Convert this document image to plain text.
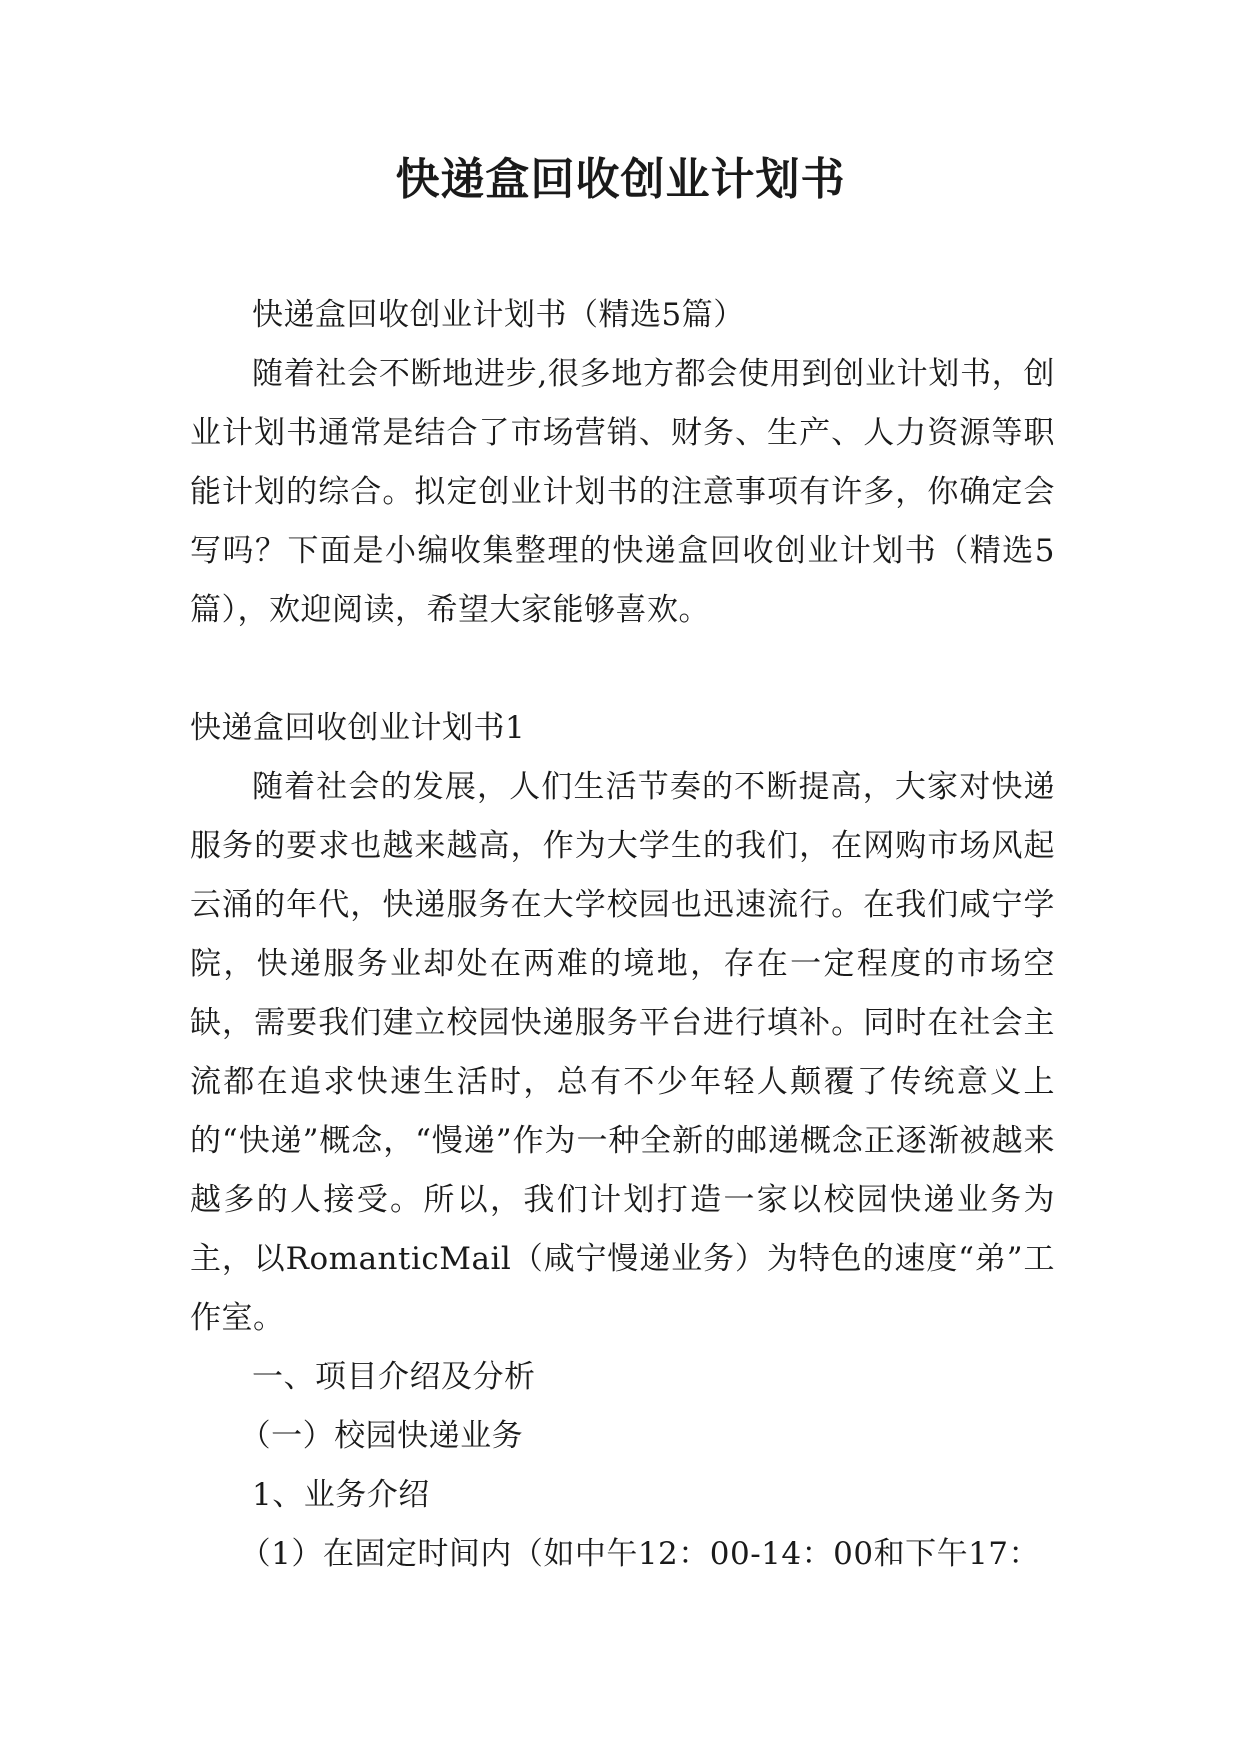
快递盒回收创业计划书

快递盒回收创业计划书（精选5篇）

随着社会不断地进步,很多地方都会使用到创业计划书，创业计划书通常是结合了市场营销、财务、生产、人力资源等职能计划的综合。拟定创业计划书的注意事项有许多，你确定会写吗？下面是小编收集整理的快递盒回收创业计划书（精选5篇），欢迎阅读，希望大家能够喜欢。

快递盒回收创业计划书1

随着社会的发展，人们生活节奏的不断提高，大家对快递服务的要求也越来越高，作为大学生的我们，在网购市场风起云涌的年代，快递服务在大学校园也迅速流行。在我们咸宁学院，快递服务业却处在两难的境地，存在一定程度的市场空缺，需要我们建立校园快递服务平台进行填补。同时在社会主流都在追求快速生活时，总有不少年轻人颠覆了传统意义上的“快递”概念，“慢递”作为一种全新的邮递概念正逐渐被越来越多的人接受。所以，我们计划打造一家以校园快递业务为主，以RomanticMail（咸宁慢递业务）为特色的速度“弟”工作室。

一、项目介绍及分析

（一）校园快递业务

1、业务介绍

（1）在固定时间内（如中午12：00-14：00和下午17：
